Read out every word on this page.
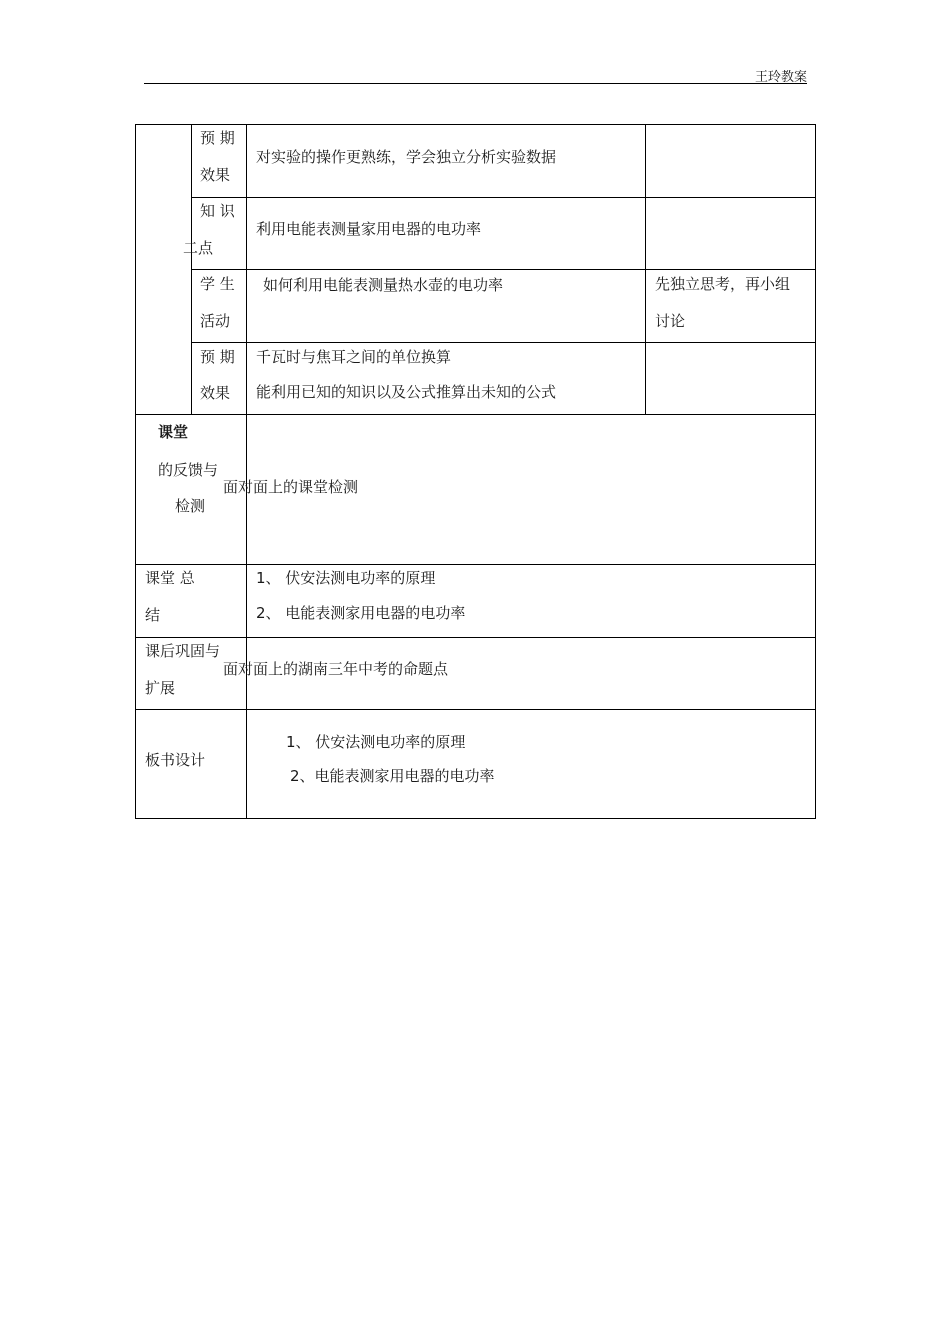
王玲教案
二点
预 期
效果
对实验的操作更熟练，学会独立分析实验数据
知 识
利用电能表测量家用电器的电功率
学 生
活动
如何利用电能表测量热水壶的电功率	先独立思考，再小组
讨论
预 期
效果
千瓦时与焦耳之间的单位换算
能利用已知的知识以及公式推算出未知的公式
课堂
的反馈与
检测
面对面上的课堂检测
课堂 总
结
1、 伏安法测电功率的原理
2、 电能表测家用电器的电功率
课后巩固与
扩展
面对面上的湖南三年中考的命题点
板书设计
1、 伏安法测电功率的原理
2、电能表测家用电器的电功率
